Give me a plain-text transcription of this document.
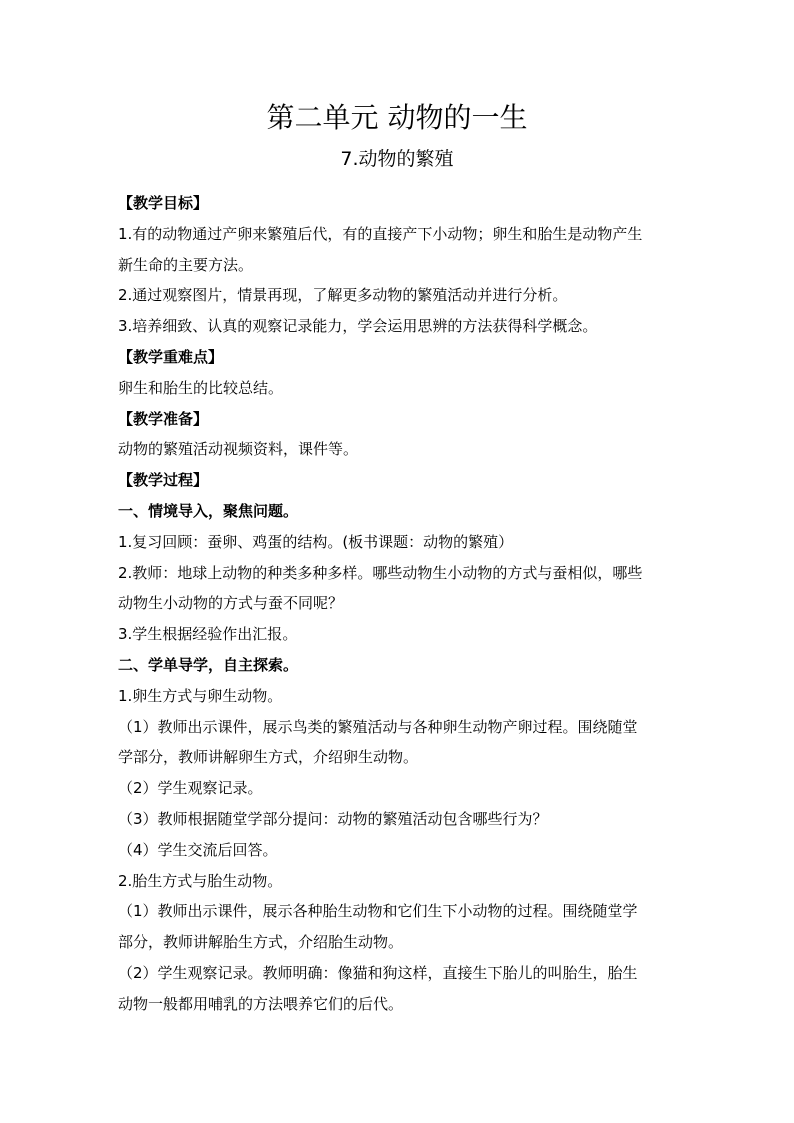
第二单元 动物的一生
7.动物的繁殖
【教学目标】
1.有的动物通过产卵来繁殖后代，有的直接产下小动物；卵生和胎生是动物产生
新生命的主要方法。
2.通过观察图片，情景再现，了解更多动物的繁殖活动并进行分析。
3.培养细致、认真的观察记录能力，学会运用思辨的方法获得科学概念。
【教学重难点】
卵生和胎生的比较总结。
【教学准备】
动物的繁殖活动视频资料，课件等。
【教学过程】
一、情境导入，聚焦问题。
1.复习回顾：蚕卵、鸡蛋的结构。(板书课题：动物的繁殖）
2.教师：地球上动物的种类多种多样。哪些动物生小动物的方式与蚕相似，哪些
动物生小动物的方式与蚕不同呢？
3.学生根据经验作出汇报。
二、学单导学，自主探索。
1.卵生方式与卵生动物。
（1）教师出示课件，展示鸟类的繁殖活动与各种卵生动物产卵过程。围绕随堂
学部分，教师讲解卵生方式，介绍卵生动物。
（2）学生观察记录。
（3）教师根据随堂学部分提问：动物的繁殖活动包含哪些行为？
（4）学生交流后回答。
2.胎生方式与胎生动物。
（1）教师出示课件，展示各种胎生动物和它们生下小动物的过程。围绕随堂学
部分，教师讲解胎生方式，介绍胎生动物。
（2）学生观察记录。教师明确：像猫和狗这样，直接生下胎儿的叫胎生，胎生
动物一般都用哺乳的方法喂养它们的后代。
